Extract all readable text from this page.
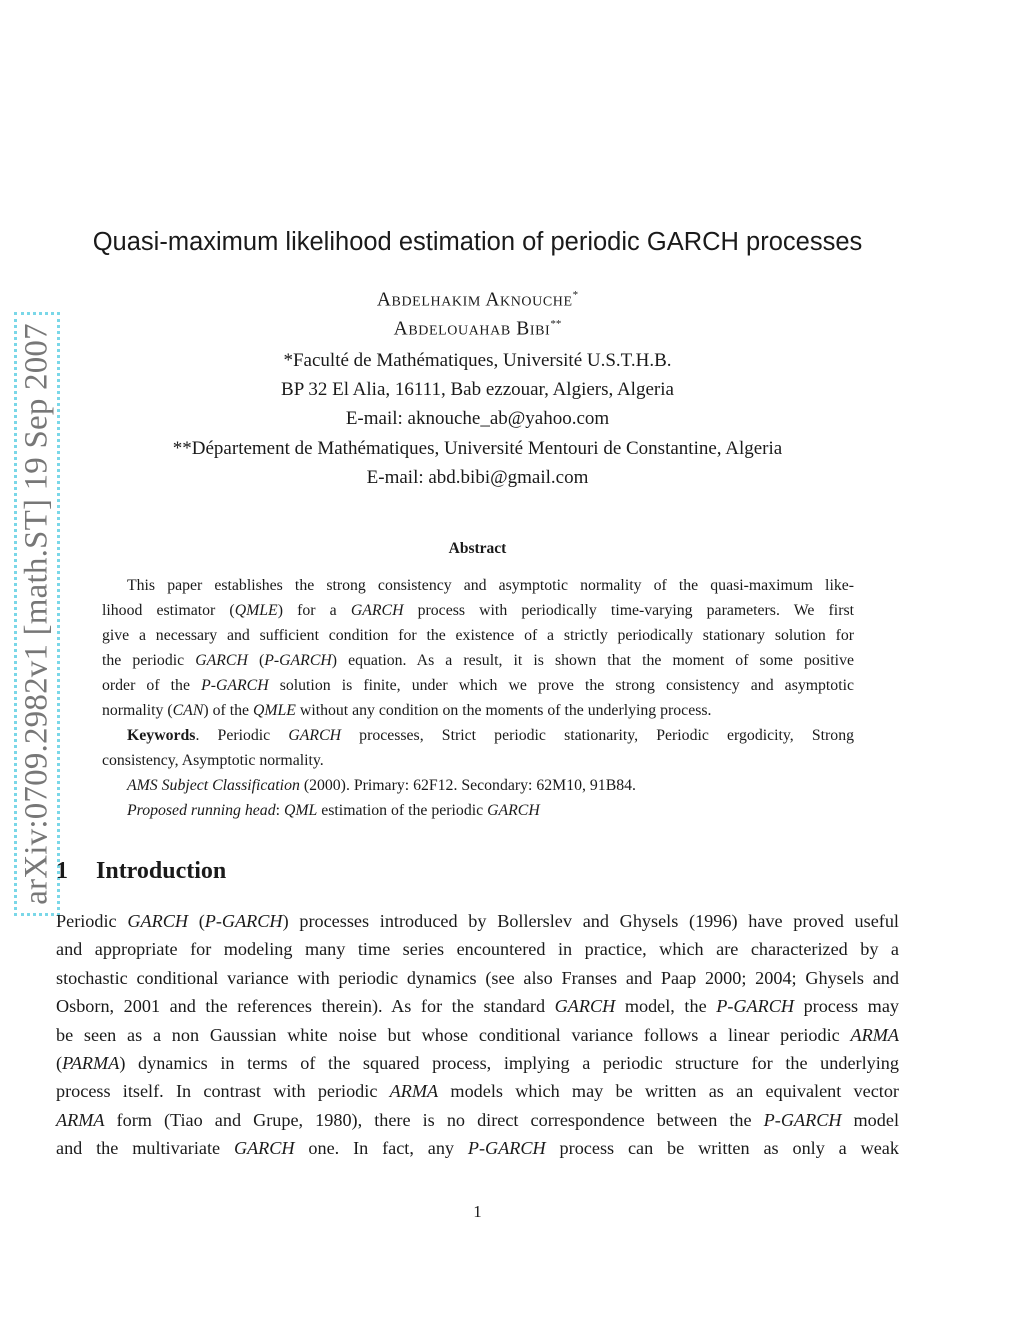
arXiv:0709.2982v1 [math.ST] 19 Sep 2007
Quasi-maximum likelihood estimation of periodic GARCH processes
Abdelhakim Aknouche*
Abdelouahab Bibi**
*Faculté de Mathématiques, Université U.S.T.H.B.
BP 32 El Alia, 16111, Bab ezzouar, Algiers, Algeria
E-mail: aknouche_ab@yahoo.com
**Département de Mathématiques, Université Mentouri de Constantine, Algeria
E-mail: abd.bibi@gmail.com
Abstract
This paper establishes the strong consistency and asymptotic normality of the quasi-maximum like-
lihood estimator (QMLE) for a GARCH process with periodically time-varying parameters. We first
give a necessary and sufficient condition for the existence of a strictly periodically stationary solution for
the periodic GARCH (P-GARCH) equation. As a result, it is shown that the moment of some positive
order of the P-GARCH solution is finite, under which we prove the strong consistency and asymptotic
normality (CAN) of the QMLE without any condition on the moments of the underlying process.
Keywords. Periodic GARCH processes, Strict periodic stationarity, Periodic ergodicity, Strong
consistency, Asymptotic normality.
AMS Subject Classification (2000). Primary: 62F12. Secondary: 62M10, 91B84.
Proposed running head: QML estimation of the periodic GARCH
1 Introduction
Periodic GARCH (P-GARCH) processes introduced by Bollerslev and Ghysels (1996) have proved useful
and appropriate for modeling many time series encountered in practice, which are characterized by a
stochastic conditional variance with periodic dynamics (see also Franses and Paap 2000; 2004; Ghysels and
Osborn, 2001 and the references therein). As for the standard GARCH model, the P-GARCH process may
be seen as a non Gaussian white noise but whose conditional variance follows a linear periodic ARMA
(PARMA) dynamics in terms of the squared process, implying a periodic structure for the underlying
process itself. In contrast with periodic ARMA models which may be written as an equivalent vector
ARMA form (Tiao and Grupe, 1980), there is no direct correspondence between the P-GARCH model
and the multivariate GARCH one. In fact, any P-GARCH process can be written as only a weak
1
